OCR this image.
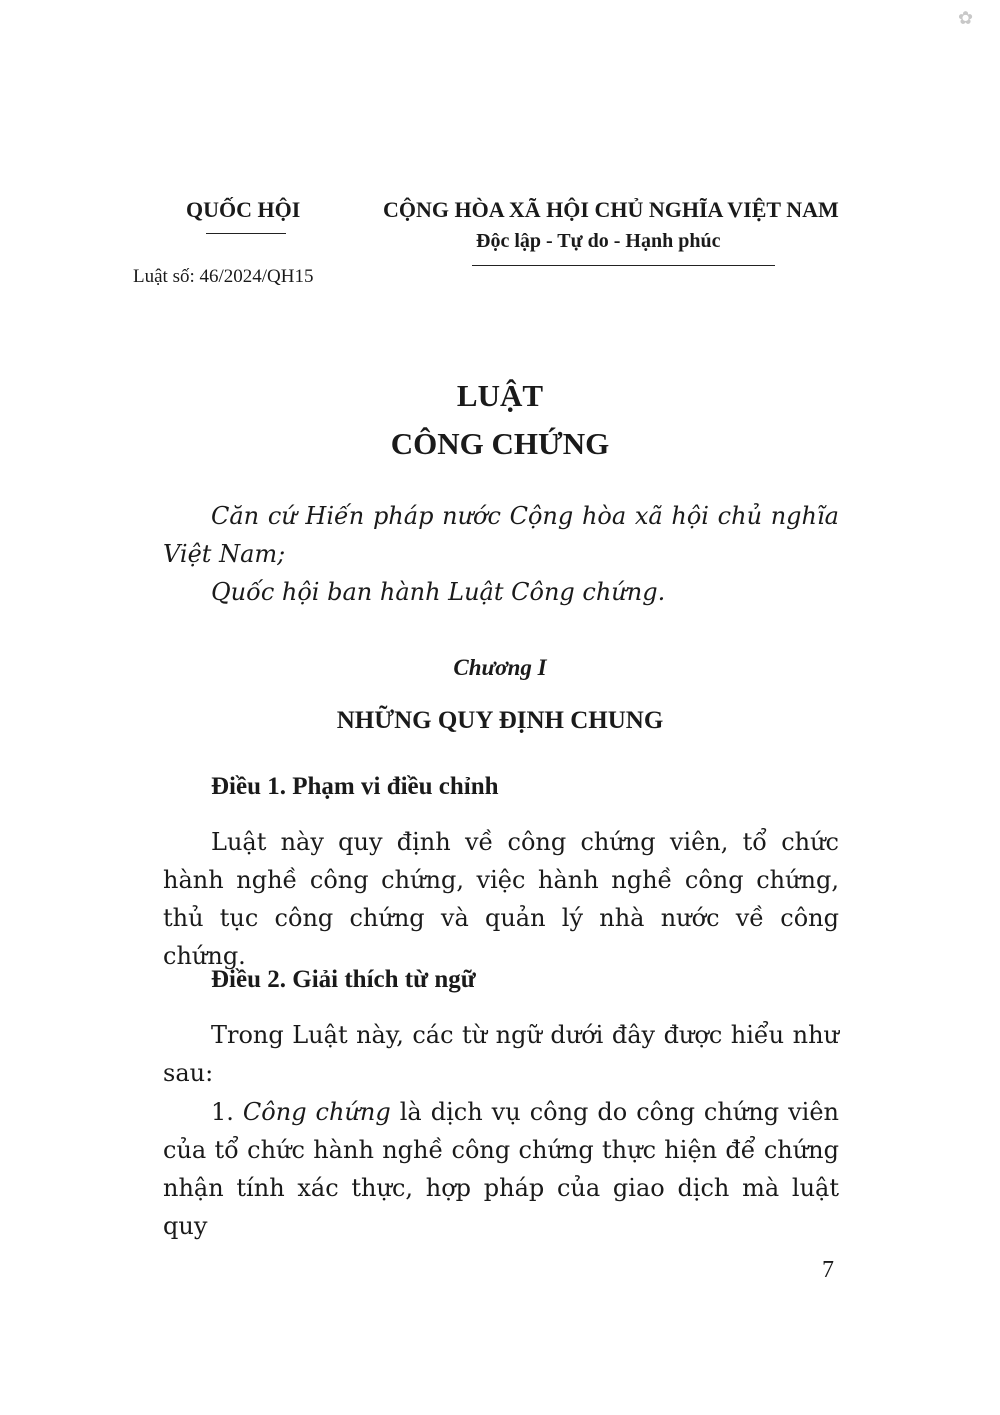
✿
QUỐC HỘI	CỘNG HÒA XÃ HỘI CHỦ NGHĨA VIỆT NAM
Độc lập - Tự do - Hạnh phúc
Luật số: 46/2024/QH15
LUẬT
CÔNG CHỨNG
Căn cứ Hiến pháp nước Cộng hòa xã hội chủ nghĩa Việt Nam;
Quốc hội ban hành Luật Công chứng.
Chương I
NHỮNG QUY ĐỊNH CHUNG
Điều 1. Phạm vi điều chỉnh
Luật này quy định về công chứng viên, tổ chức hành nghề công chứng, việc hành nghề công chứng, thủ tục công chứng và quản lý nhà nước về công chứng.
Điều 2. Giải thích từ ngữ
Trong Luật này, các từ ngữ dưới đây được hiểu như sau:
1. Công chứng là dịch vụ công do công chứng viên của tổ chức hành nghề công chứng thực hiện để chứng nhận tính xác thực, hợp pháp của giao dịch mà luật quy
7
